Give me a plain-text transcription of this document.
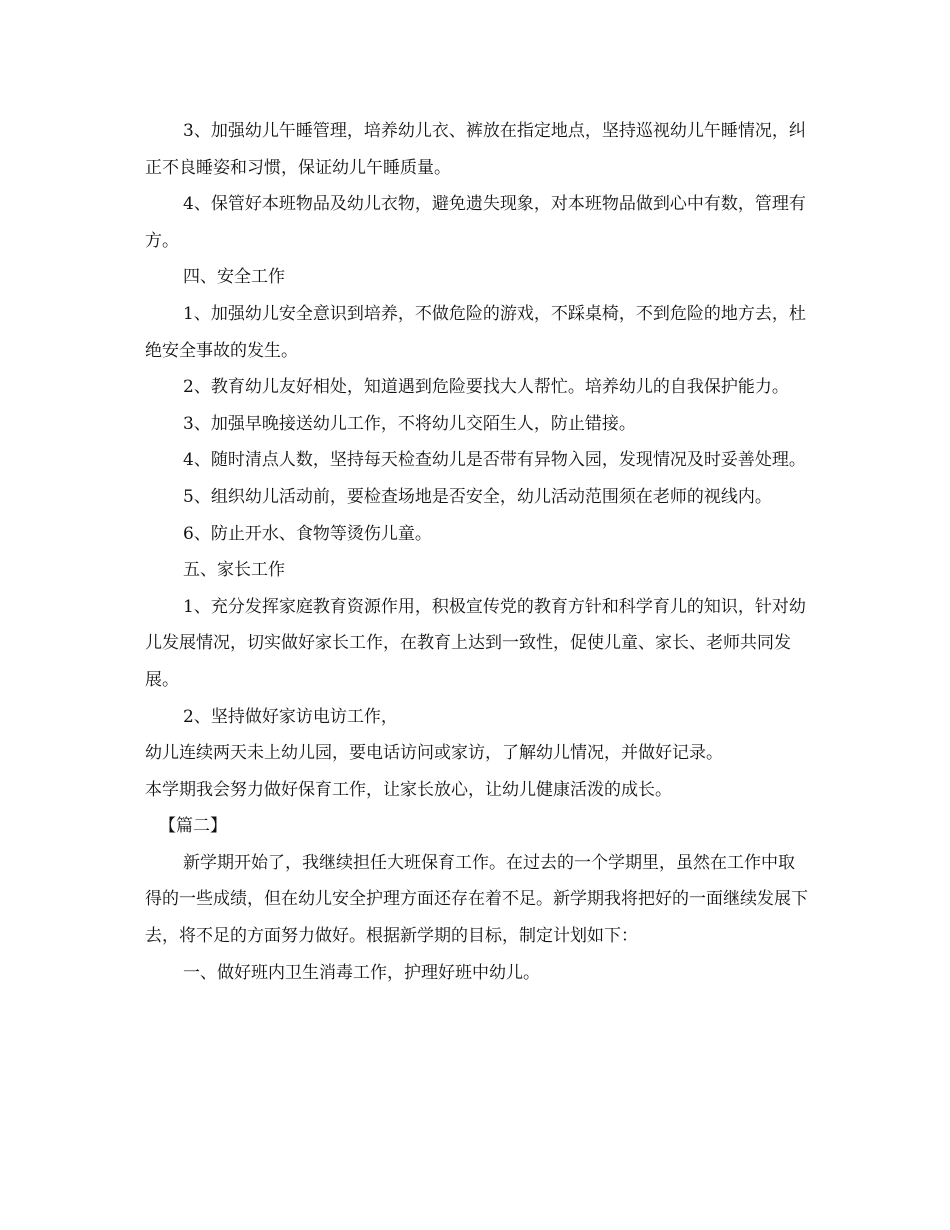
3、加强幼儿午睡管理，培养幼儿衣、裤放在指定地点，坚持巡视幼儿午睡情况，纠正不良睡姿和习惯，保证幼儿午睡质量。

4、保管好本班物品及幼儿衣物，避免遗失现象，对本班物品做到心中有数，管理有方。

四、安全工作

1、加强幼儿安全意识到培养，不做危险的游戏，不踩桌椅，不到危险的地方去，杜绝安全事故的发生。

2、教育幼儿友好相处，知道遇到危险要找大人帮忙。培养幼儿的自我保护能力。

3、加强早晚接送幼儿工作，不将幼儿交陌生人，防止错接。

4、随时清点人数，坚持每天检查幼儿是否带有异物入园，发现情况及时妥善处理。

5、组织幼儿活动前，要检查场地是否安全，幼儿活动范围须在老师的视线内。

6、防止开水、食物等烫伤儿童。

五、家长工作

1、充分发挥家庭教育资源作用，积极宣传党的教育方针和科学育儿的知识，针对幼儿发展情况，切实做好家长工作，在教育上达到一致性，促使儿童、家长、老师共同发展。

2、坚持做好家访电访工作，

幼儿连续两天未上幼儿园，要电话访问或家访，了解幼儿情况，并做好记录。

本学期我会努力做好保育工作，让家长放心，让幼儿健康活泼的成长。

【篇二】

新学期开始了，我继续担任大班保育工作。在过去的一个学期里，虽然在工作中取得的一些成绩，但在幼儿安全护理方面还存在着不足。新学期我将把好的一面继续发展下去，将不足的方面努力做好。根据新学期的目标，制定计划如下：

一、做好班内卫生消毒工作，护理好班中幼儿。
